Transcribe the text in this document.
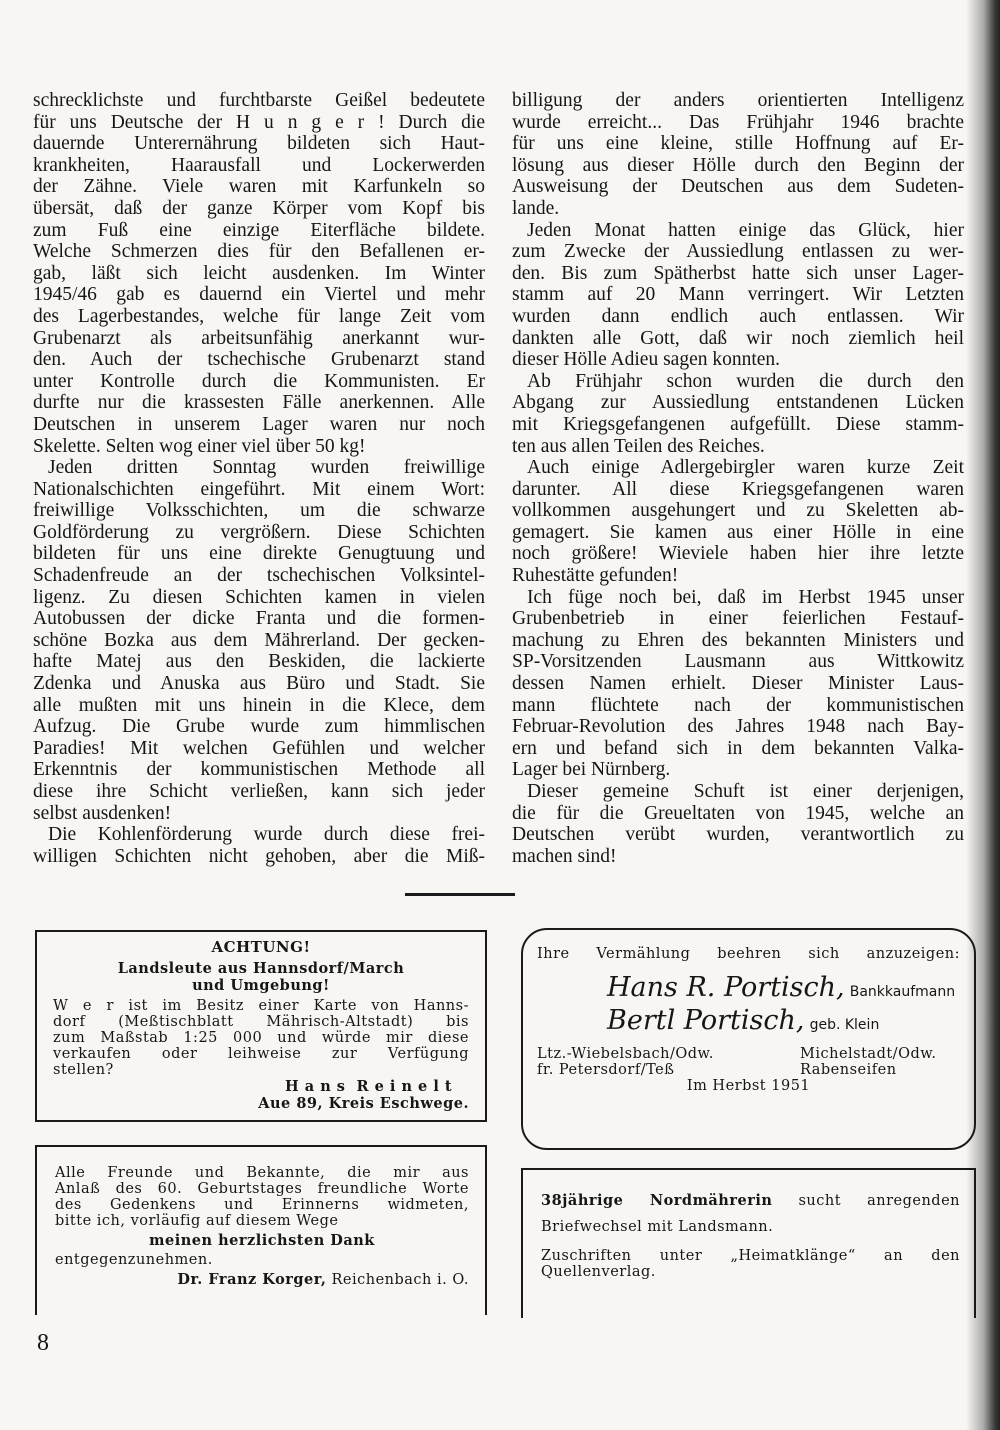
schrecklichste und furchtbarste Geißel bedeutete
für uns Deutsche der H u n g e r ! Durch die
dauernde Unterernährung bildeten sich Haut-
krankheiten, Haarausfall und Lockerwerden
der Zähne. Viele waren mit Karfunkeln so
übersät, daß der ganze Körper vom Kopf bis
zum Fuß eine einzige Eiterfläche bildete.
Welche Schmerzen dies für den Befallenen er-
gab, läßt sich leicht ausdenken. Im Winter
1945/46 gab es dauernd ein Viertel und mehr
des Lagerbestandes, welche für lange Zeit vom
Grubenarzt als arbeitsunfähig anerkannt wur-
den. Auch der tschechische Grubenarzt stand
unter Kontrolle durch die Kommunisten. Er
durfte nur die krassesten Fälle anerkennen. Alle
Deutschen in unserem Lager waren nur noch
Skelette. Selten wog einer viel über 50 kg!
Jeden dritten Sonntag wurden freiwillige
Nationalschichten eingeführt. Mit einem Wort:
freiwillige Volksschichten, um die schwarze
Goldförderung zu vergrößern. Diese Schichten
bildeten für uns eine direkte Genugtuung und
Schadenfreude an der tschechischen Volksintel-
ligenz. Zu diesen Schichten kamen in vielen
Autobussen der dicke Franta und die formen-
schöne Bozka aus dem Mährerland. Der gecken-
hafte Matej aus den Beskiden, die lackierte
Zdenka und Anuska aus Büro und Stadt. Sie
alle mußten mit uns hinein in die Klece, dem
Aufzug. Die Grube wurde zum himmlischen
Paradies! Mit welchen Gefühlen und welcher
Erkenntnis der kommunistischen Methode all
diese ihre Schicht verließen, kann sich jeder
selbst ausdenken!
Die Kohlenförderung wurde durch diese frei-
willigen Schichten nicht gehoben, aber die Miß-
billigung der anders orientierten Intelligenz
wurde erreicht... Das Frühjahr 1946 brachte
für uns eine kleine, stille Hoffnung auf Er-
lösung aus dieser Hölle durch den Beginn der
Ausweisung der Deutschen aus dem Sudeten-
lande.
Jeden Monat hatten einige das Glück, hier
zum Zwecke der Aussiedlung entlassen zu wer-
den. Bis zum Spätherbst hatte sich unser Lager-
stamm auf 20 Mann verringert. Wir Letzten
wurden dann endlich auch entlassen. Wir
dankten alle Gott, daß wir noch ziemlich heil
dieser Hölle Adieu sagen konnten.
Ab Frühjahr schon wurden die durch den
Abgang zur Aussiedlung entstandenen Lücken
mit Kriegsgefangenen aufgefüllt. Diese stamm-
ten aus allen Teilen des Reiches.
Auch einige Adlergebirgler waren kurze Zeit
darunter. All diese Kriegsgefangenen waren
vollkommen ausgehungert und zu Skeletten ab-
gemagert. Sie kamen aus einer Hölle in eine
noch größere! Wieviele haben hier ihre letzte
Ruhestätte gefunden!
Ich füge noch bei, daß im Herbst 1945 unser
Grubenbetrieb in einer feierlichen Festauf-
machung zu Ehren des bekannten Ministers und
SP-Vorsitzenden Lausmann aus Wittkowitz
dessen Namen erhielt. Dieser Minister Laus-
mann flüchtete nach der kommunistischen
Februar-Revolution des Jahres 1948 nach Bay-
ern und befand sich in dem bekannten Valka-
Lager bei Nürnberg.
Dieser gemeine Schuft ist einer derjenigen,
die für die Greueltaten von 1945, welche an
Deutschen verübt wurden, verantwortlich zu
machen sind!
ACHTUNG!
Landsleute aus Hannsdorf/March
und Umgebung!
W e r ist im Besitz einer Karte von Hanns-
dorf (Meßtischblatt Mährisch-Altstadt) bis
zum Maßstab 1:25 000 und würde mir diese
verkaufen oder leihweise zur Verfügung
stellen?
H a n s  R e i n e l t
Aue 89, Kreis Eschwege.
Alle Freunde und Bekannte, die mir aus
Anlaß des 60. Geburtstages freundliche Worte
des Gedenkens und Erinnerns widmeten,
bitte ich, vorläufig auf diesem Wege
meinen herzlichsten Dank
entgegenzunehmen.
Dr. Franz Korger, Reichenbach i. O.
Ihre Vermählung beehren sich anzuzeigen:
Hans R. Portisch, Bankkaufmann
Bertl Portisch, geb. Klein
Ltz.-Wiebelsbach/Odw.	Michelstadt/Odw.
fr. Petersdorf/Teß	Rabenseifen
Im Herbst 1951
38jährige Nordmährerin sucht anregenden
Briefwechsel mit Landsmann.
Zuschriften unter „Heimatklänge“ an den
Quellenverlag.
8
